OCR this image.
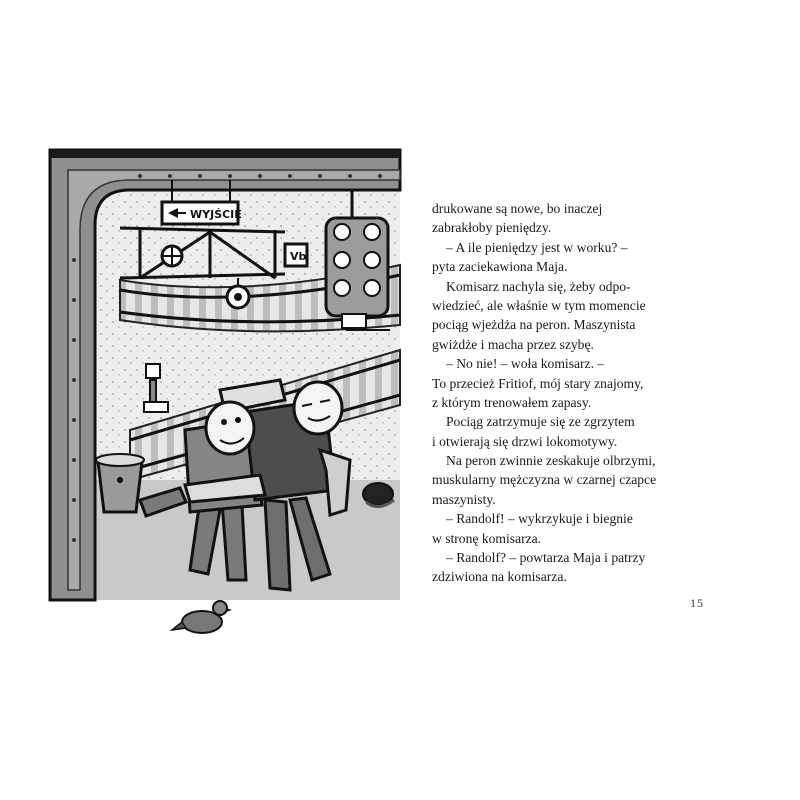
Vb
WYJŚCIE	drukowane są nowe, bo inaczej
zabrakłoby pieniędzy.
– A ile pieniędzy jest w worku? –
pyta zaciekawiona Maja.
Komisarz nachyla się, żeby odpo-
wiedzieć, ale właśnie w tym momencie
pociąg wjeżdża na peron. Maszynista
gwiżdże i macha przez szybę.
– No nie! – woła komisarz. –
To przecież Fritiof, mój stary znajomy,
z którym trenowałem zapasy.
Pociąg zatrzymuje się ze zgrzytem
i otwierają się drzwi lokomotywy.
Na peron zwinnie zeskakuje olbrzymi,
muskularny mężczyzna w czarnej czapce
maszynisty.
– Randolf! – wykrzykuje i biegnie
w stronę komisarza.
– Randolf? – powtarza Maja i patrzy
zdziwiona na komisarza.
15
